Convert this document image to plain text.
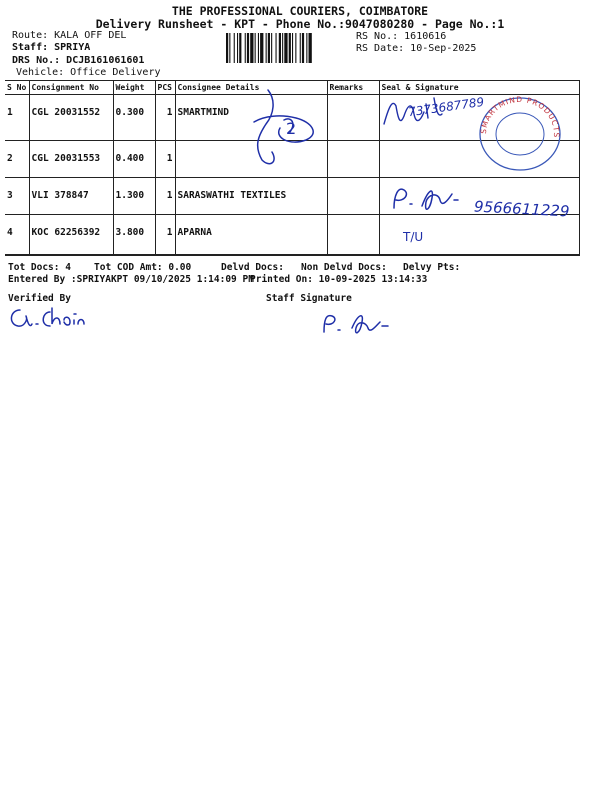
THE PROFESSIONAL COURIERS, COIMBATORE
Delivery Runsheet - KPT - Phone No.:9047080280 - Page No.:1
Route: KALA OFF DEL
Staff: SPRIYA
DRS No.: DCJB161061601
Vehicle: Office Delivery
RS No.: 1610616
RS Date: 10-Sep-2025
S No	Consignment No	Weight	PCS	Consignee Details	Remarks	Seal & Signature
1	CGL 20031552	0.300	1	SMARTMIND		
2	CGL 20031553	0.400	1			
3	VLI 378847	1.300	1	SARASWATHI TEXTILES		
4	KOC 62256392	3.800	1	APARNA		
Tot Docs: 4 Tot COD Amt: 0.00	Delvd Docs: Non Delvd Docs: Delvy Pts:
Entered By :SPRIYAKPT 09/10/2025 1:14:09 PM
Printed On: 10-09-2025 13:14:33
Verified By	Staff Signature
2
7373687789
SMARTMIND PRODUCTS
9566611229
T/U
